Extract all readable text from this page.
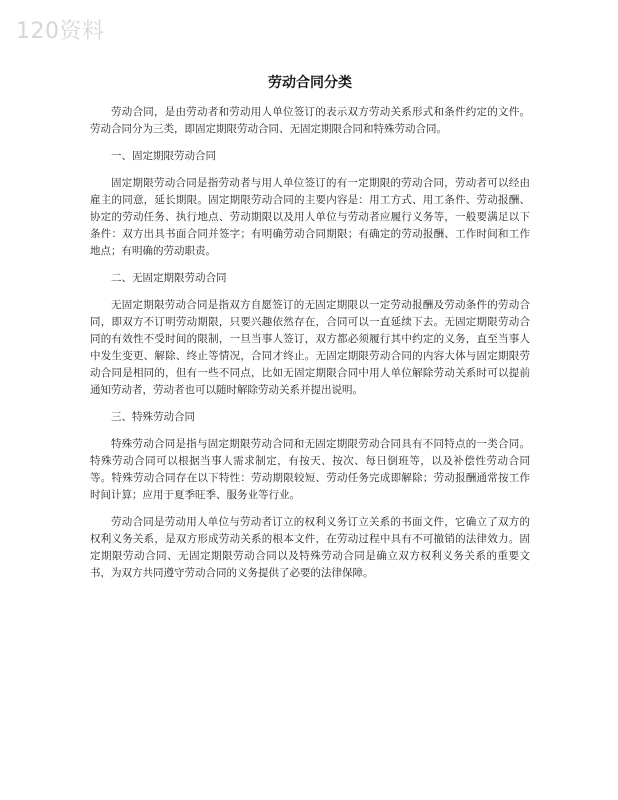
120资料
劳动合同分类

劳动合同，是由劳动者和劳动用人单位签订的表示双方劳动关系形式和条件约定的文件。劳动合同分为三类，即固定期限劳动合同、无固定期限合同和特殊劳动合同。

一、固定期限劳动合同

固定期限劳动合同是指劳动者与用人单位签订的有一定期限的劳动合同，劳动者可以经由雇主的同意，延长期限。固定期限劳动合同的主要内容是：用工方式、用工条件、劳动报酬、协定的劳动任务、执行地点、劳动期限以及用人单位与劳动者应履行义务等，一般要满足以下条件：双方出具书面合同并签字；有明确劳动合同期限；有确定的劳动报酬、工作时间和工作地点；有明确的劳动职责。

二、无固定期限劳动合同

无固定期限劳动合同是指双方自愿签订的无固定期限以一定劳动报酬及劳动条件的劳动合同，即双方不订明劳动期限，只要兴趣依然存在，合同可以一直延续下去。无固定期限劳动合同的有效性不受时间的限制，一旦当事人签订，双方都必须履行其中约定的义务，直至当事人中发生变更、解除、终止等情况，合同才终止。无固定期限劳动合同的内容大体与固定期限劳动合同是相同的，但有一些不同点，比如无固定期限合同中用人单位解除劳动关系时可以提前通知劳动者，劳动者也可以随时解除劳动关系并提出说明。

三、特殊劳动合同

特殊劳动合同是指与固定期限劳动合同和无固定期限劳动合同具有不同特点的一类合同。特殊劳动合同可以根据当事人需求制定，有按天、按次、每日倒班等，以及补偿性劳动合同等。特殊劳动合同存在以下特性：劳动期限较短、劳动任务完成即解除；劳动报酬通常按工作时间计算；应用于夏季旺季、服务业等行业。

劳动合同是劳动用人单位与劳动者订立的权利义务订立关系的书面文件，它确立了双方的权利义务关系，是双方形成劳动关系的根本文件，在劳动过程中具有不可撤销的法律效力。固定期限劳动合同、无固定期限劳动合同以及特殊劳动合同是确立双方权利义务关系的重要文书，为双方共同遵守劳动合同的义务提供了必要的法律保障。
